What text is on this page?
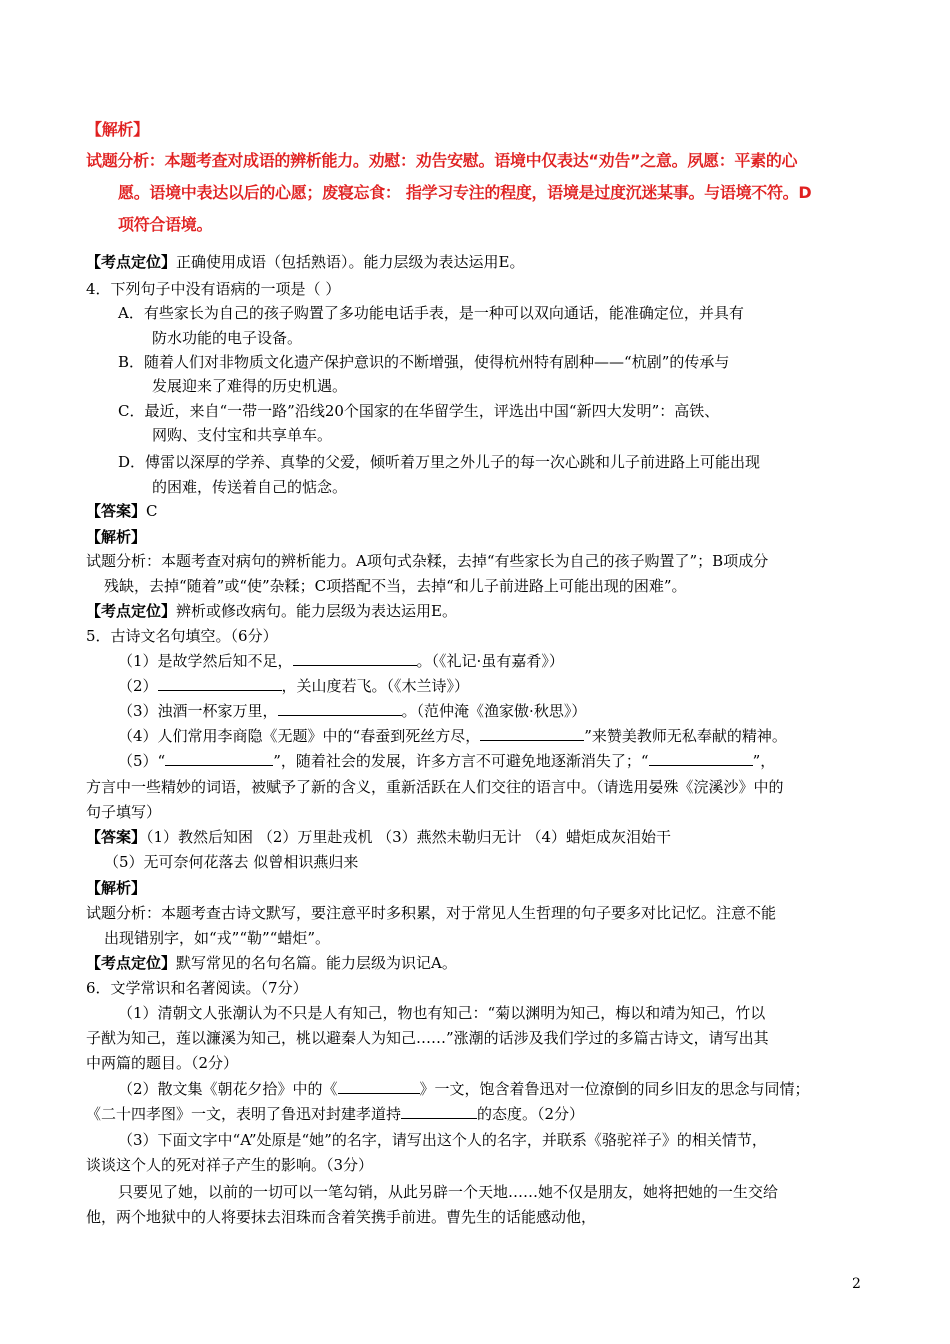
【解析】
试题分析：本题考查对成语的辨析能力。劝慰：劝告安慰。语境中仅表达“劝告”之意。夙愿：平素的心
愿。语境中表达以后的心愿；废寝忘食： 指学习专注的程度，语境是过度沉迷某事。与语境不符。D
项符合语境。
【考点定位】正确使用成语（包括熟语）。能力层级为表达运用E。
4．下列句子中没有语病的一项是（ ）
A．有些家长为自己的孩子购置了多功能电话手表，是一种可以双向通话，能准确定位，并具有
防水功能的电子设备。
B．随着人们对非物质文化遗产保护意识的不断增强，使得杭州特有剧种——“杭剧”的传承与
发展迎来了难得的历史机遇。
C．最近，来自“一带一路”沿线20个国家的在华留学生，评选出中国“新四大发明”：高铁、
网购、支付宝和共享单车。
D．傅雷以深厚的学养、真挚的父爱，倾听着万里之外儿子的每一次心跳和儿子前进路上可能出现
的困难，传送着自己的惦念。
【答案】C
【解析】
试题分析：本题考查对病句的辨析能力。A项句式杂糅，去掉“有些家长为自己的孩子购置了”；B项成分
残缺，去掉“随着”或“使”杂糅；C项搭配不当，去掉“和儿子前进路上可能出现的困难”。
【考点定位】辨析或修改病句。能力层级为表达运用E。
5．古诗文名句填空。（6分）
（1）是故学然后知不足，	。（《礼记·虽有嘉肴》）
（2）	，关山度若飞。（《木兰诗》）
（3）浊酒一杯家万里，	。（范仲淹《渔家傲·秋思》）
（4）人们常用李商隐《无题》中的“春蚕到死丝方尽，	”来赞美教师无私奉献的精神。
（5）“	”，随着社会的发展，许多方言不可避免地逐渐消失了；“	”，
方言中一些精妙的词语，被赋予了新的含义，重新活跃在人们交往的语言中。（请选用晏殊《浣溪沙》中的
句子填写）
【答案】（1）教然后知困 （2）万里赴戎机 （3）燕然未勒归无计 （4）蜡炬成灰泪始干
（5）无可奈何花落去 似曾相识燕归来
【解析】
试题分析：本题考查古诗文默写，要注意平时多积累，对于常见人生哲理的句子要多对比记忆。注意不能
出现错别字，如“戎”“勒”“蜡炬”。
【考点定位】默写常见的名句名篇。能力层级为识记A。
6．文学常识和名著阅读。（7分）
（1）清朝文人张潮认为不只是人有知己，物也有知己：“菊以渊明为知己，梅以和靖为知己，竹以
子猷为知己，莲以濂溪为知己，桃以避秦人为知己……”涨潮的话涉及我们学过的多篇古诗文，请写出其
中两篇的题目。（2分）
（2）散文集《朝花夕拾》中的《	》一文，饱含着鲁迅对一位潦倒的同乡旧友的思念与同情；
《二十四孝图》一文，表明了鲁迅对封建孝道持	的态度。（2分）
（3）下面文字中“A”处原是“她”的名字，请写出这个人的名字，并联系《骆驼祥子》的相关情节，
谈谈这个人的死对祥子产生的影响。（3分）
只要见了她，以前的一切可以一笔勾销，从此另辟一个天地……她不仅是朋友，她将把她的一生交给
他，两个地狱中的人将要抹去泪珠而含着笑携手前进。曹先生的话能感动他，
2
